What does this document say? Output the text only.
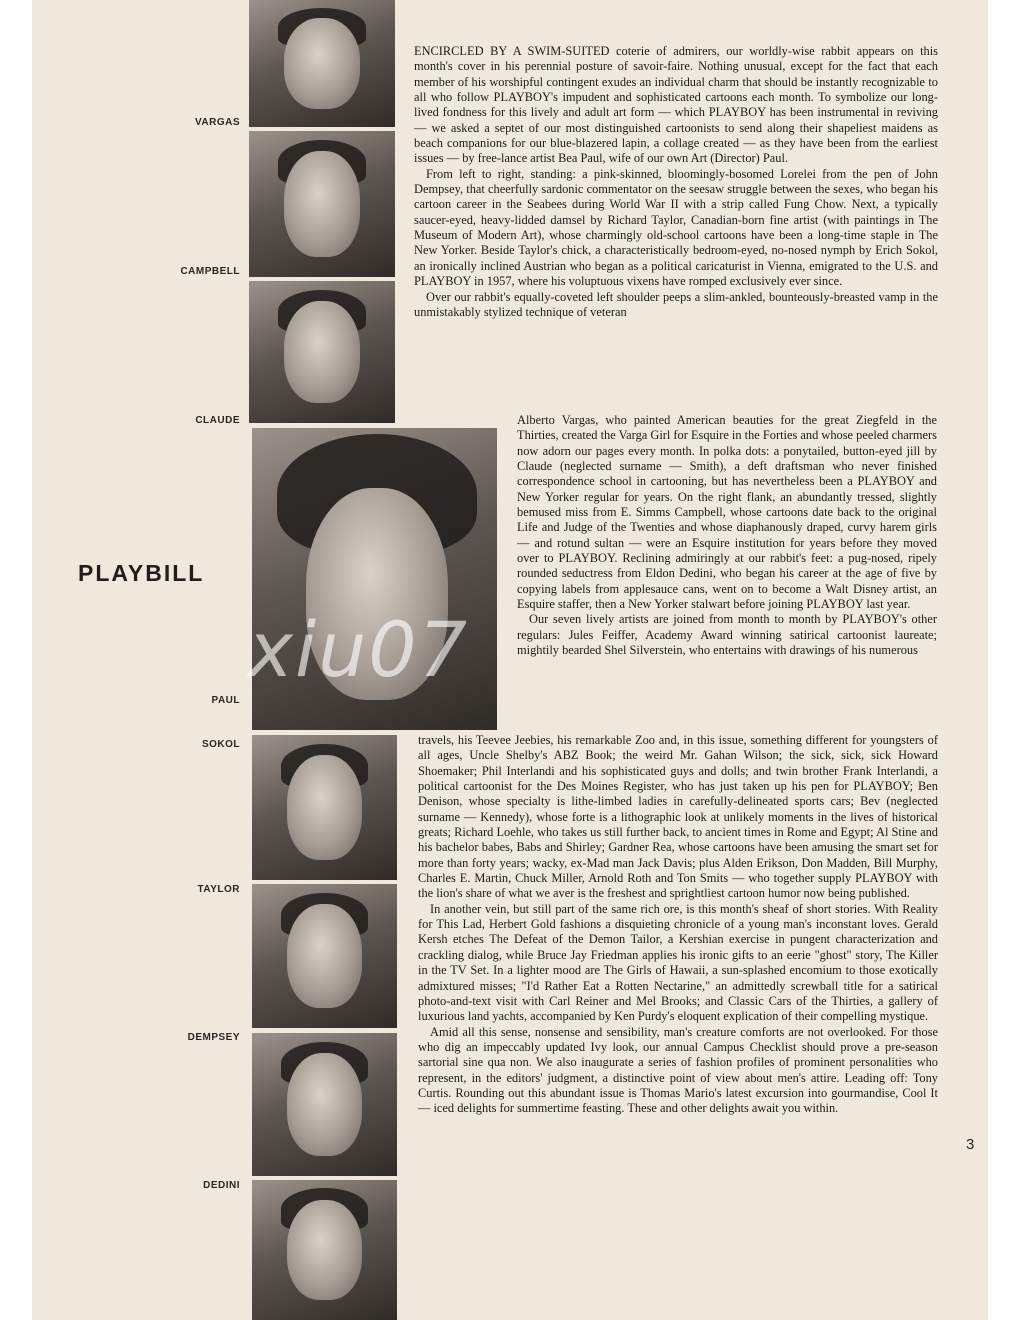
VARGAS
CAMPBELL
CLAUDE
PAUL
SOKOL
TAYLOR
DEMPSEY
DEDINI
PLAYBILL

ENCIRCLED BY A SWIM-SUITED coterie of admirers, our worldly-wise rabbit appears on this month's cover in his perennial posture of savoir-faire. Nothing unusual, except for the fact that each member of his worshipful contingent exudes an individual charm that should be instantly recognizable to all who follow PLAYBOY's impudent and sophisticated cartoons each month. To symbolize our long-lived fondness for this lively and adult art form — which PLAYBOY has been instrumental in reviving — we asked a septet of our most distinguished cartoonists to send along their shapeliest maidens as beach companions for our blue-blazered lapin, a collage created — as they have been from the earliest issues — by free-lance artist Bea Paul, wife of our own Art (Director) Paul.

From left to right, standing: a pink-skinned, bloomingly-bosomed Lorelei from the pen of John Dempsey, that cheerfully sardonic commentator on the seesaw struggle between the sexes, who began his cartoon career in the Seabees during World War II with a strip called Fung Chow. Next, a typically saucer-eyed, heavy-lidded damsel by Richard Taylor, Canadian-born fine artist (with paintings in The Museum of Modern Art), whose charmingly old-school cartoons have been a long-time staple in The New Yorker. Beside Taylor's chick, a characteristically bedroom-eyed, no-nosed nymph by Erich Sokol, an ironically inclined Austrian who began as a political caricaturist in Vienna, emigrated to the U.S. and PLAYBOY in 1957, where his voluptuous vixens have romped exclusively ever since.

Over our rabbit's equally-coveted left shoulder peeps a slim-ankled, bounteously-breasted vamp in the unmistakably stylized technique of veteran

Alberto Vargas, who painted American beauties for the great Ziegfeld in the Thirties, created the Varga Girl for Esquire in the Forties and whose peeled charmers now adorn our pages every month. In polka dots: a ponytailed, button-eyed jill by Claude (neglected surname — Smith), a deft draftsman who never finished correspondence school in cartooning, but has nevertheless been a PLAYBOY and New Yorker regular for years. On the right flank, an abundantly tressed, slightly bemused miss from E. Simms Campbell, whose cartoons date back to the original Life and Judge of the Twenties and whose diaphanously draped, curvy harem girls — and rotund sultan — were an Esquire institution for years before they moved over to PLAYBOY. Reclining admiringly at our rabbit's feet: a pug-nosed, ripely rounded seductress from Eldon Dedini, who began his career at the age of five by copying labels from applesauce cans, went on to become a Walt Disney artist, an Esquire staffer, then a New Yorker stalwart before joining PLAYBOY last year.

Our seven lively artists are joined from month to month by PLAYBOY's other regulars: Jules Feiffer, Academy Award winning satirical cartoonist laureate; mightily bearded Shel Silverstein, who entertains with drawings of his numerous

travels, his Teevee Jeebies, his remarkable Zoo and, in this issue, something different for youngsters of all ages, Uncle Shelby's ABZ Book; the weird Mr. Gahan Wilson; the sick, sick, sick Howard Shoemaker; Phil Interlandi and his sophisticated guys and dolls; and twin brother Frank Interlandi, a political cartoonist for the Des Moines Register, who has just taken up his pen for PLAYBOY; Ben Denison, whose specialty is lithe-limbed ladies in carefully-delineated sports cars; Bev (neglected surname — Kennedy), whose forte is a lithographic look at unlikely moments in the lives of historical greats; Richard Loehle, who takes us still further back, to ancient times in Rome and Egypt; Al Stine and his bachelor babes, Babs and Shirley; Gardner Rea, whose cartoons have been amusing the smart set for more than forty years; wacky, ex-Mad man Jack Davis; plus Alden Erikson, Don Madden, Bill Murphy, Charles E. Martin, Chuck Miller, Arnold Roth and Ton Smits — who together supply PLAYBOY with the lion's share of what we aver is the freshest and sprightliest cartoon humor now being published.

In another vein, but still part of the same rich ore, is this month's sheaf of short stories. With Reality for This Lad, Herbert Gold fashions a disquieting chronicle of a young man's inconstant loves. Gerald Kersh etches The Defeat of the Demon Tailor, a Kershian exercise in pungent characterization and crackling dialog, while Bruce Jay Friedman applies his ironic gifts to an eerie "ghost" story, The Killer in the TV Set. In a lighter mood are The Girls of Hawaii, a sun-splashed encomium to those exotically admixtured misses; "I'd Rather Eat a Rotten Nectarine," an admittedly screwball title for a satirical photo-and-text visit with Carl Reiner and Mel Brooks; and Classic Cars of the Thirties, a gallery of luxurious land yachts, accompanied by Ken Purdy's eloquent explication of their compelling mystique.

Amid all this sense, nonsense and sensibility, man's creature comforts are not overlooked. For those who dig an impeccably updated Ivy look, our annual Campus Checklist should prove a pre-season sartorial sine qua non. We also inaugurate a series of fashion profiles of prominent personalities who represent, in the editors' judgment, a distinctive point of view about men's attire. Leading off: Tony Curtis. Rounding out this abundant issue is Thomas Mario's latest excursion into gourmandise, Cool It — iced delights for summertime feasting. These and other delights await you within.

3
xiu07
